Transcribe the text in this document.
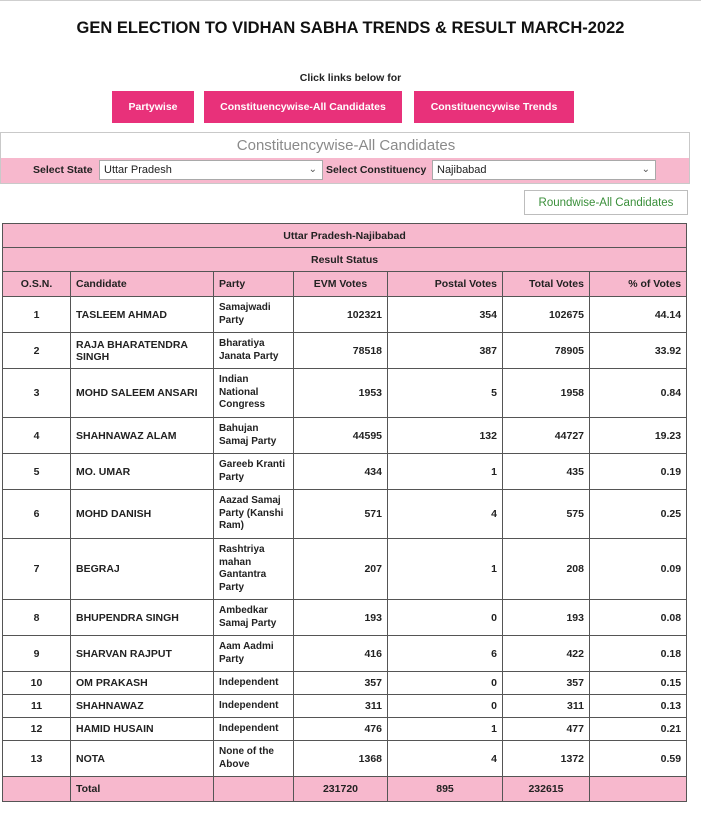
GEN ELECTION TO VIDHAN SABHA TRENDS & RESULT MARCH-2022
Click links below for
Partywise	Constituencywise-All Candidates	Constituencywise Trends
Constituencywise-All Candidates
Select State	Uttar Pradesh	⌄ Select Constituency Najibabad	⌄
Roundwise-All Candidates
Uttar Pradesh-Najibabad						
Result Status						
O.S.N.	Candidate	Party	EVM Votes	Postal Votes	Total Votes	% of Votes
1	TASLEEM AHMAD	Samajwadi Party	102321	354	102675	44.14
2	RAJA BHARATENDRA SINGH	Bharatiya Janata Party	78518	387	78905	33.92
3	MOHD SALEEM ANSARI	Indian National Congress	1953	5	1958	0.84
4	SHAHNAWAZ ALAM	Bahujan Samaj Party	44595	132	44727	19.23
5	MO. UMAR	Gareeb Kranti Party	434	1	435	0.19
6	MOHD DANISH	Aazad Samaj Party (Kanshi Ram)	571	4	575	0.25
7	BEGRAJ	Rashtriya mahan Gantantra Party	207	1	208	0.09
8	BHUPENDRA SINGH	Ambedkar Samaj Party	193	0	193	0.08
9	SHARVAN RAJPUT	Aam Aadmi Party	416	6	422	0.18
10	OM PRAKASH	Independent	357	0	357	0.15
11	SHAHNAWAZ	Independent	311	0	311	0.13
12	HAMID HUSAIN	Independent	476	1	477	0.21
13	NOTA	None of the Above	1368	4	1372	0.59
	Total		231720	895	232615	
